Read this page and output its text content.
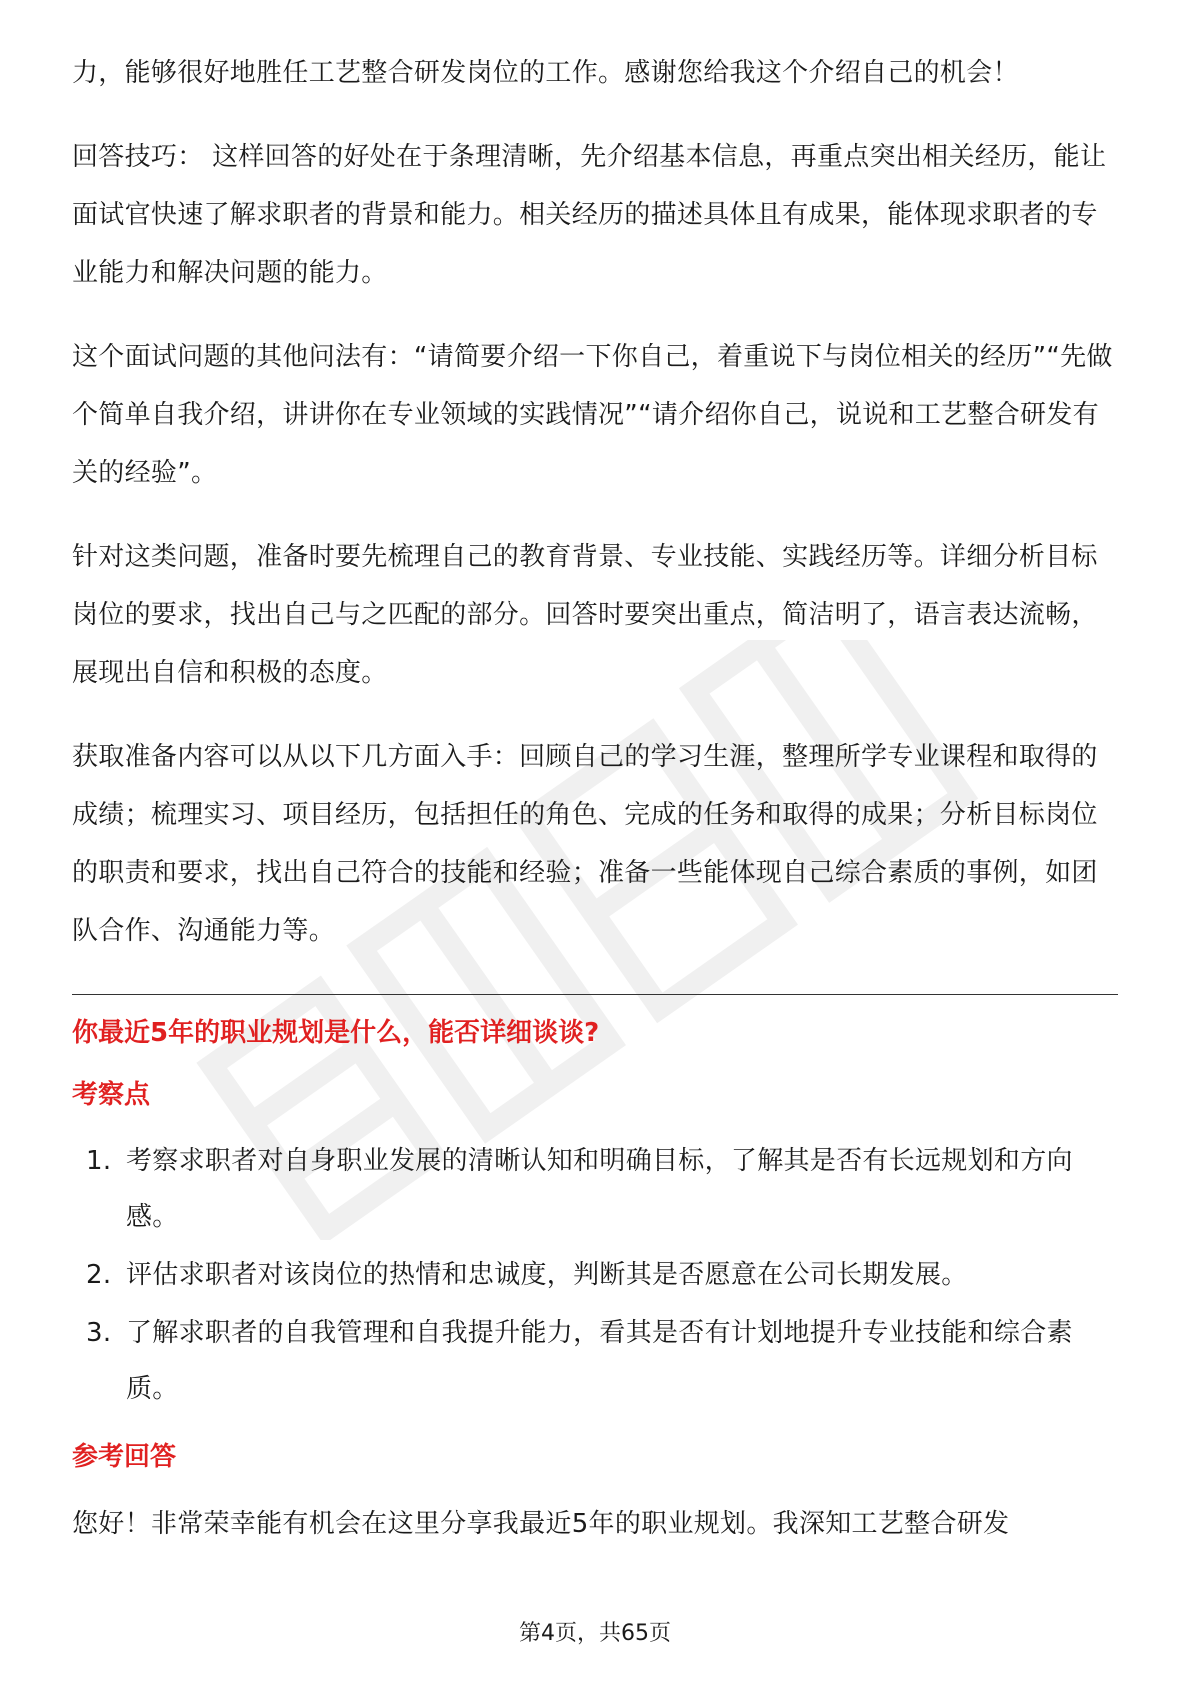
力，能够很好地胜任工艺整合研发岗位的工作。感谢您给我这个介绍自己的机会！

回答技巧： 这样回答的好处在于条理清晰，先介绍基本信息，再重点突出相关经历，能让面试官快速了解求职者的背景和能力。相关经历的描述具体且有成果，能体现求职者的专业能力和解决问题的能力。

这个面试问题的其他问法有：“请简要介绍一下你自己，着重说下与岗位相关的经历”“先做个简单自我介绍，讲讲你在专业领域的实践情况”“请介绍你自己，说说和工艺整合研发有关的经验”。

针对这类问题，准备时要先梳理自己的教育背景、专业技能、实践经历等。详细分析目标岗位的要求，找出自己与之匹配的部分。回答时要突出重点，简洁明了，语言表达流畅，展现出自信和积极的态度。

获取准备内容可以从以下几方面入手：回顾自己的学习生涯，整理所学专业课程和取得的成绩；梳理实习、项目经历，包括担任的角色、完成的任务和取得的成果；分析目标岗位的职责和要求，找出自己符合的技能和经验；准备一些能体现自己综合素质的事例，如团队合作、沟通能力等。

你最近5年的职业规划是什么，能否详细谈谈?
考察点
1. 考察求职者对自身职业发展的清晰认知和明确目标，了解其是否有长远规划和方向感。
2. 评估求职者对该岗位的热情和忠诚度，判断其是否愿意在公司长期发展。
3. 了解求职者的自我管理和自我提升能力，看其是否有计划地提升专业技能和综合素质。
参考回答

您好！非常荣幸能有机会在这里分享我最近5年的职业规划。我深知工艺整合研发

第4页，共65页
